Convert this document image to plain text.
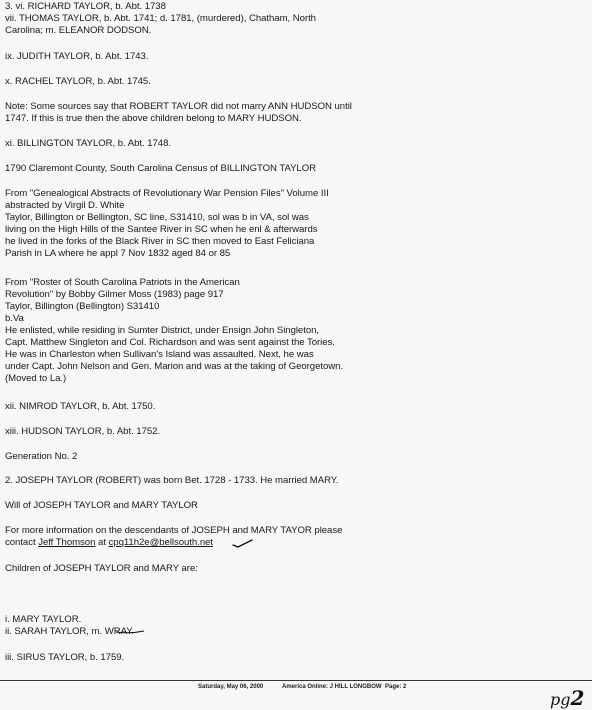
3. vi. RICHARD TAYLOR, b. Abt. 1738
vii. THOMAS TAYLOR, b. Abt. 1741; d. 1781, (murdered), Chatham, North
Carolina; m. ELEANOR DODSON.
ix. JUDITH TAYLOR, b. Abt. 1743.
x. RACHEL TAYLOR, b. Abt. 1745.
Note: Some sources say that ROBERT TAYLOR did not marry ANN HUDSON until
1747. If this is true then the above children belong to MARY HUDSON.
xi. BILLINGTON TAYLOR, b. Abt. 1748.
1790 Claremont County, South Carolina Census of BILLINGTON TAYLOR
From "Genealogical Abstracts of Revolutionary War Pension Files" Volume III
abstracted by Virgil D. White
Taylor, Billington or Bellington, SC line, S31410, sol was b in VA, sol was
living on the High Hills of the Santee River in SC when he enl & afterwards
he lived in the forks of the Black River in SC then moved to East Feliciana
Parish in LA where he appl 7 Nov 1832 aged 84 or 85
From "Roster of South Carolina Patriots in the American
Revolution" by Bobby Gilmer Moss (1983) page 917
Taylor, Billington (Bellington) S31410
b.Va
He enlisted, while residing in Sumter District, under Ensign John Singleton,
Capt. Matthew Singleton and Col. Richardson and was sent against the Tories.
He was in Charleston when Sullivan's Island was assaulted. Next, he was
under Capt. John Nelson and Gen. Marion and was at the taking of Georgetown.
(Moved to La.)
xii. NIMROD TAYLOR, b. Abt. 1750.
xiii. HUDSON TAYLOR, b. Abt. 1752.
Generation No. 2
2. JOSEPH TAYLOR (ROBERT) was born Bet. 1728 - 1733. He married MARY.
Will of JOSEPH TAYLOR and MARY TAYLOR
For more information on the descendants of JOSEPH and MARY TAYOR please
contact Jeff Thomson at cpq11h2e@bellsouth.net
Children of JOSEPH TAYLOR and MARY are:
i. MARY TAYLOR.
ii. SARAH TAYLOR, m. WRAY.
iii. SIRUS TAYLOR, b. 1759.
Saturday, May 06, 2000	America Online: J HILL LONGBOW Page: 2
pg2
